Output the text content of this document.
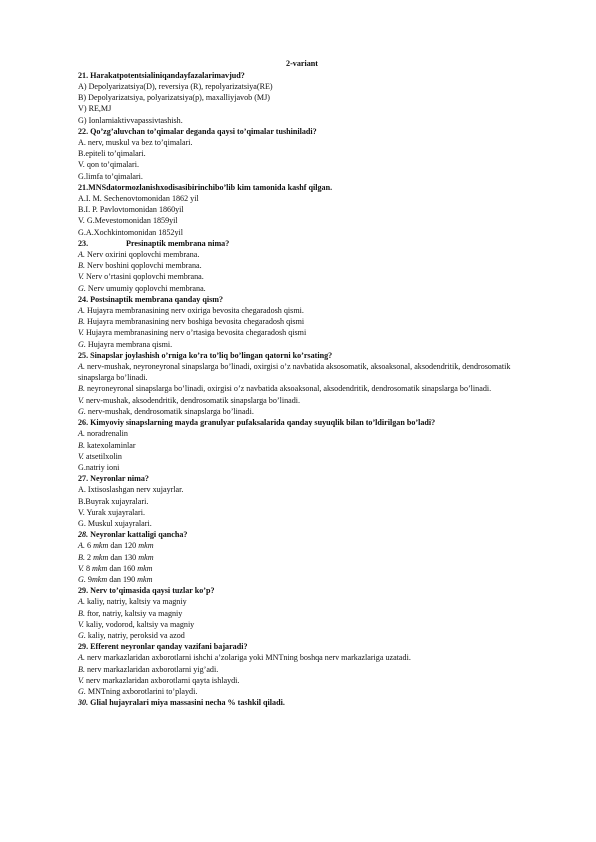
2-variant
21. Harakatpotentsialiniqandayfazalarimavjud?
A) Depolyarizatsiya(D), reversiya (R), repolyarizatsiya(RE)
B) Depolyarizatsiya, polyarizatsiya(p), maxalliyjavob (MJ)
V) RE,MJ
G) Ionlarniaktivvapassivtashish.
22. Qo’zg’aluvchan to’qimalar deganda qaysi to’qimalar tushiniladi?
A. nerv, muskul va bez to’qimalari.
B.epiteli to’qimalari.
V. qon to’qimalari.
G.limfa to’qimalari.
21.MNSdatormozlanishxodisasibirinchibo’lib kim tamonida kashf qilgan.
A.I. M. Sechenovtomonidan 1862 yil
B.I. P. Pavlovtomonidan 1860yil
V. G.Mevestomonidan 1859yil
G.A.Xochkintomonidan 1852yil
23.	Presinaptik membrana nima?
A. Nerv oxirini qoplovchi membrana.
B. Nerv boshini qoplovchi membrana.
V. Nerv o’rtasini qoplovchi membrana.
G. Nerv umumiy qoplovchi membrana.
24. Postsinaptik membrana qanday qism?
A. Hujayra membranasining nerv oxiriga bevosita chegaradosh qismi.
B. Hujayra membranasining nerv boshiga bevosita chegaradosh qismi
V. Hujayra membranasining nerv o’rtasiga bevosita chegaradosh qismi
G. Hujayra membrana qismi.
25. Sinapslar joylashish o’rniga ko’ra to’liq bo’lingan qatorni ko’rsating?
A. nerv-mushak, neyroneyronal sinapslarga bo’linadi, oxirgisi o’z navbatida aksosomatik, aksoaksonal, aksodendritik, dendrosomatik sinapslarga bo’linadi.
B. neyroneyronal sinapslarga bo’linadi, oxirgisi o’z navbatida aksoaksonal, aksodendritik, dendrosomatik sinapslarga bo’linadi.
V. nerv-mushak, aksodendritik, dendrosomatik sinapslarga bo’linadi.
G. nerv-mushak, dendrosomatik sinapslarga bo’linadi.
26. Kimyoviy sinapslarning mayda granulyar pufaksalarida qanday suyuqlik bilan to’ldirilgan bo’ladi?
A. noradrenalin
B. katexolaminlar
V. atsetilxolin
G.natriy ioni
27. Neyronlar nima?
A. Ixtisoslashgan nerv xujayrlar.
B.Buyrak xujayralari.
V. Yurak xujayralari.
G. Muskul xujayralari.
28. Neyronlar kattaligi qancha?
A. 6 mkm dan 120 mkm
B. 2 mkm dan 130 mkm
V. 8 mkm dan 160 mkm
G. 9mkm dan 190 mkm
29. Nerv to’qimasida qaysi tuzlar ko’p?
A. kaliy, natriy, kaltsiy va magniy
B. ftor, natriy, kaltsiy va magniy
V. kaliy, vodorod, kaltsiy va magniy
G. kaliy, natriy, peroksid va azod
29. Efferent neyronlar qanday vazifani bajaradi?
A. nerv markazlaridan axborotlarni ishchi a’zolariga yoki MNTning boshqa nerv markazlariga uzatadi.
B. nerv markazlaridan axborotlarni yig’adi.
V. nerv markazlaridan axborotlarni qayta ishlaydi.
G. MNTning axborotlarini to’playdi.
30. Glial hujayralari miya massasini necha % tashkil qiladi.
